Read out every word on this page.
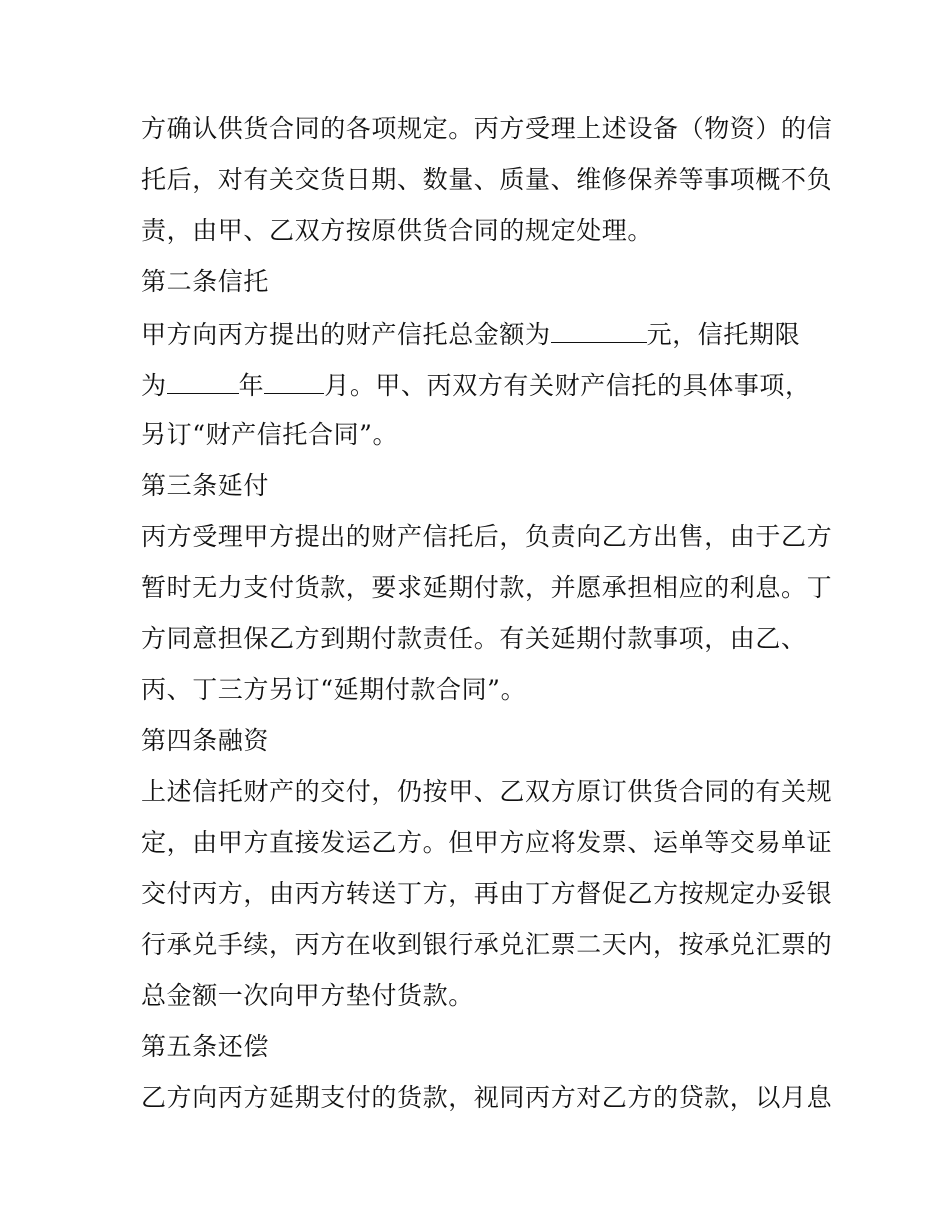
方确认供货合同的各项规定。丙方受理上述设备（物资）的信
托后，对有关交货日期、数量、质量、维修保养等事项概不负
责，由甲、乙双方按原供货合同的规定处理。
第二条信托
甲方向丙方提出的财产信托总金额为	元，信托期限
为	年 月。甲、丙双方有关财产信托的具体事项，
另订“财产信托合同”。
第三条延付
丙方受理甲方提出的财产信托后，负责向乙方出售，由于乙方
暂时无力支付货款，要求延期付款，并愿承担相应的利息。丁
方同意担保乙方到期付款责任。有关延期付款事项，由乙、
丙、丁三方另订“延期付款合同”。
第四条融资
上述信托财产的交付，仍按甲、乙双方原订供货合同的有关规
定，由甲方直接发运乙方。但甲方应将发票、运单等交易单证
交付丙方，由丙方转送丁方，再由丁方督促乙方按规定办妥银
行承兑手续，丙方在收到银行承兑汇票二天内，按承兑汇票的
总金额一次向甲方垫付货款。
第五条还偿
乙方向丙方延期支付的货款，视同丙方对乙方的贷款，以月息
